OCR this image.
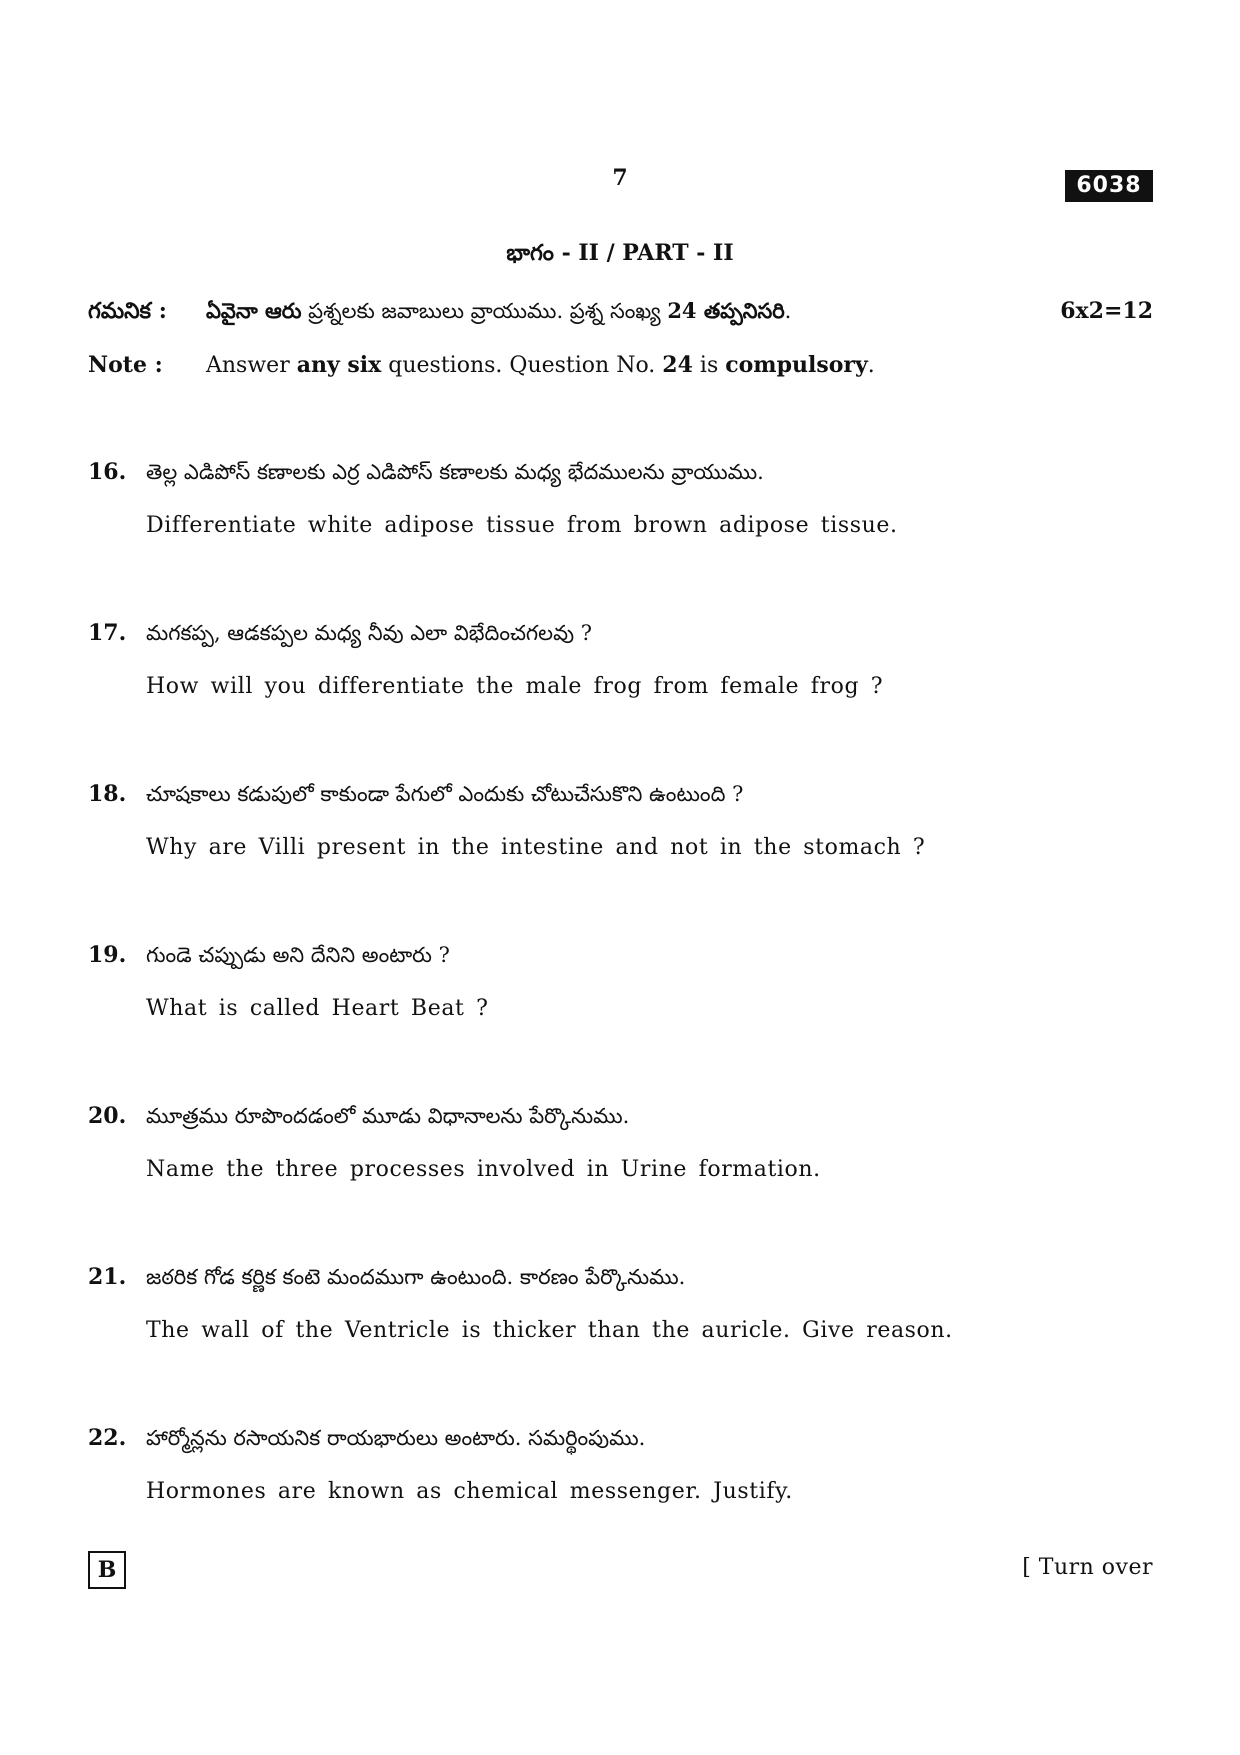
7	6038
భాగం - II / PART - II
గమనిక : ఏవైనా ఆరు ప్రశ్నలకు జవాబులు వ్రాయుము. ప్రశ్న సంఖ్య 24 తప్పనిసరి.	6x2=12
Note : Answer any six questions. Question No. 24 is compulsory.
16. తెల్ల ఎడిపోస్ కణాలకు ఎర్ర ఎడిపోస్ కణాలకు మధ్య భేదములను వ్రాయుము.
Differentiate white adipose tissue from brown adipose tissue.
17. మగకప్ప, ఆడకప్పల మధ్య నీవు ఎలా విభేదించగలవు ?
How will you differentiate the male frog from female frog ?
18. చూషకాలు కడుపులో కాకుండా పేగులో ఎందుకు చోటుచేసుకొని ఉంటుంది ?
Why are Villi present in the intestine and not in the stomach ?
19. గుండె చప్పుడు అని దేనిని అంటారు ?
What is called Heart Beat ?
20. మూత్రము రూపొందడంలో మూడు విధానాలను పేర్కొనుము.
Name the three processes involved in Urine formation.
21. జఠరిక గోడ కర్ణిక కంటె మందముగా ఉంటుంది. కారణం పేర్కొనుము.
The wall of the Ventricle is thicker than the auricle. Give reason.
22. హార్మోన్లను రసాయనిక రాయభారులు అంటారు. సమర్థింపుము.
Hormones are known as chemical messenger. Justify.
B	[ Turn over
